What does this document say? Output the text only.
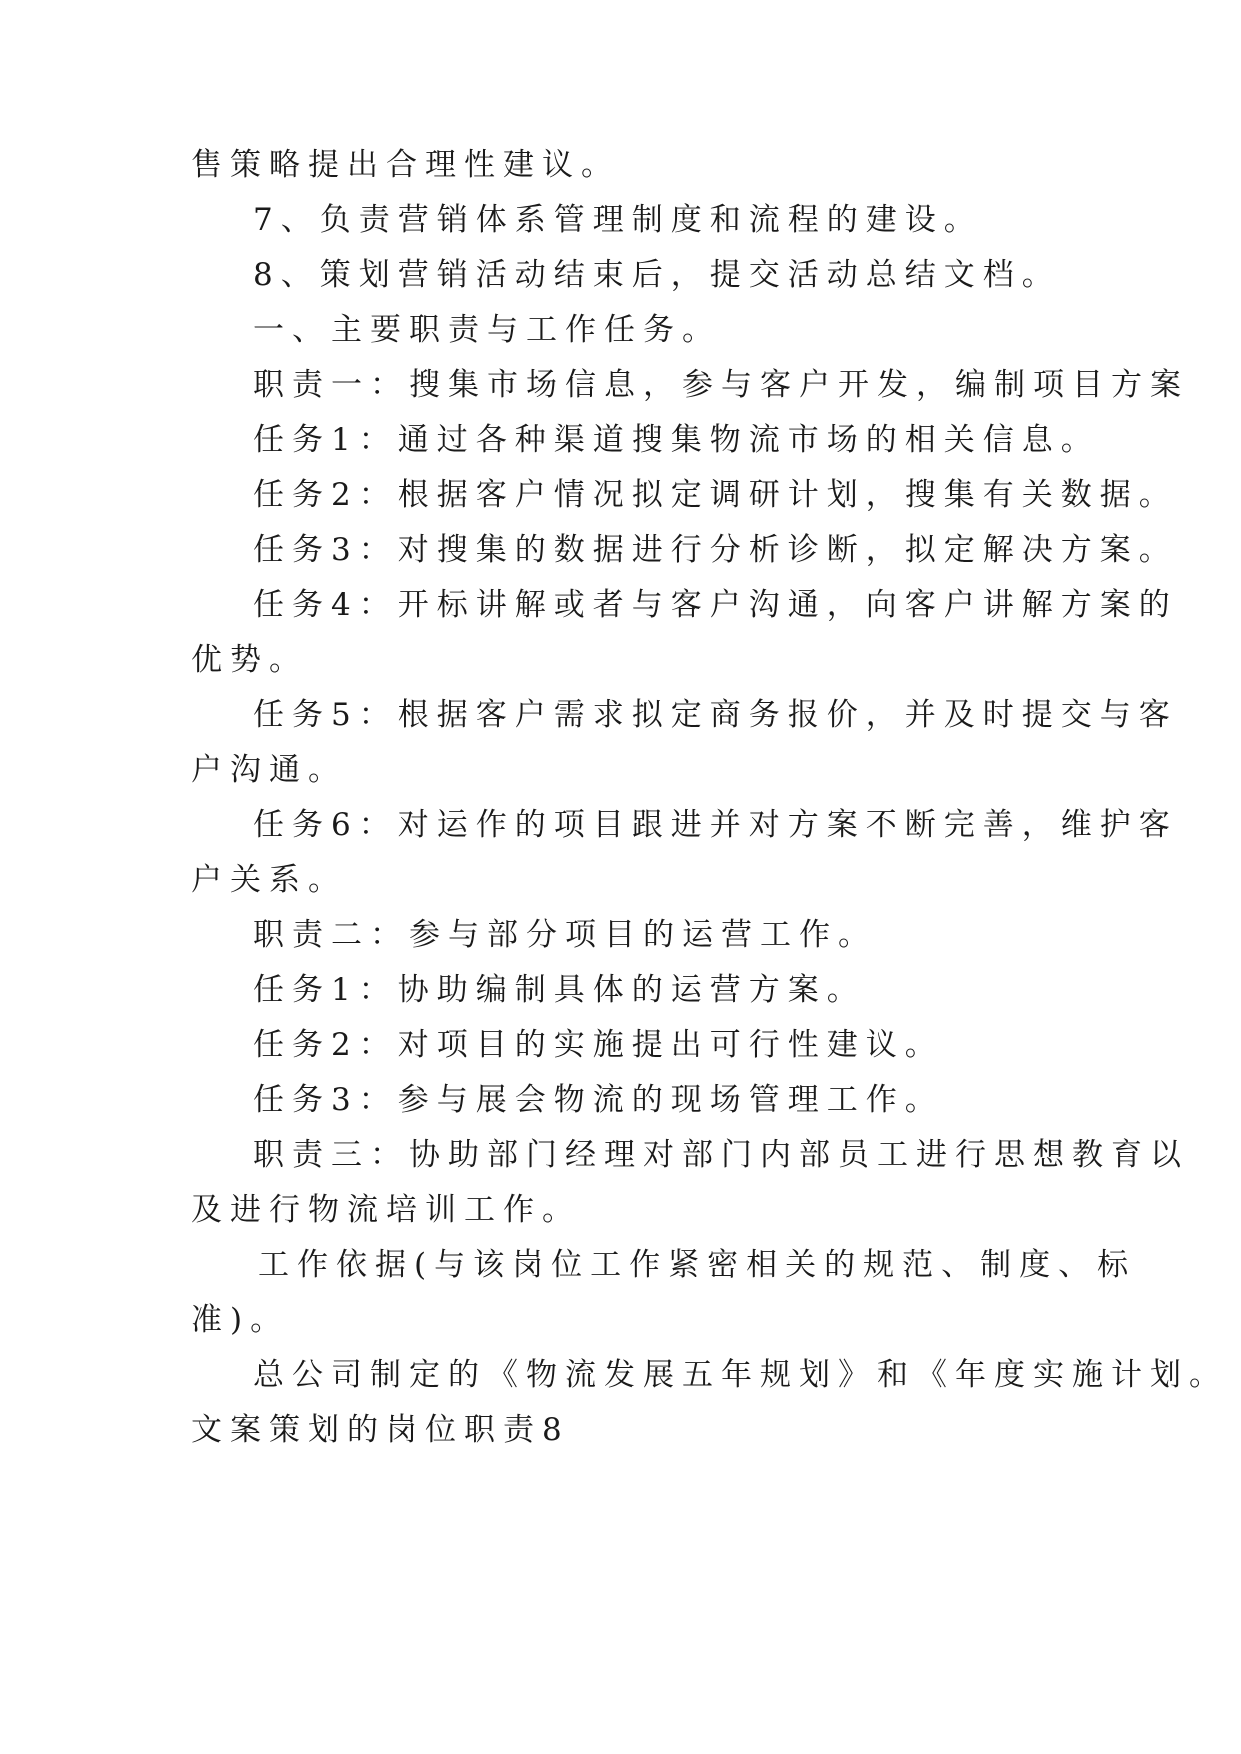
售策略提出合理性建议。
7、负责营销体系管理制度和流程的建设。
8、策划营销活动结束后，提交活动总结文档。
一、主要职责与工作任务。
职责一：搜集市场信息，参与客户开发，编制项目方案
任务1：通过各种渠道搜集物流市场的相关信息。
任务2：根据客户情况拟定调研计划，搜集有关数据。
任务3：对搜集的数据进行分析诊断，拟定解决方案。
任务4：开标讲解或者与客户沟通，向客户讲解方案的
优势。
任务5：根据客户需求拟定商务报价，并及时提交与客
户沟通。
任务6：对运作的项目跟进并对方案不断完善，维护客
户关系。
职责二：参与部分项目的运营工作。
任务1：协助编制具体的运营方案。
任务2：对项目的实施提出可行性建议。
任务3：参与展会物流的现场管理工作。
职责三：协助部门经理对部门内部员工进行思想教育以
及进行物流培训工作。
工作依据(与该岗位工作紧密相关的规范、制度、标
准)。
总公司制定的《物流发展五年规划》和《年度实施计划。
文案策划的岗位职责8
